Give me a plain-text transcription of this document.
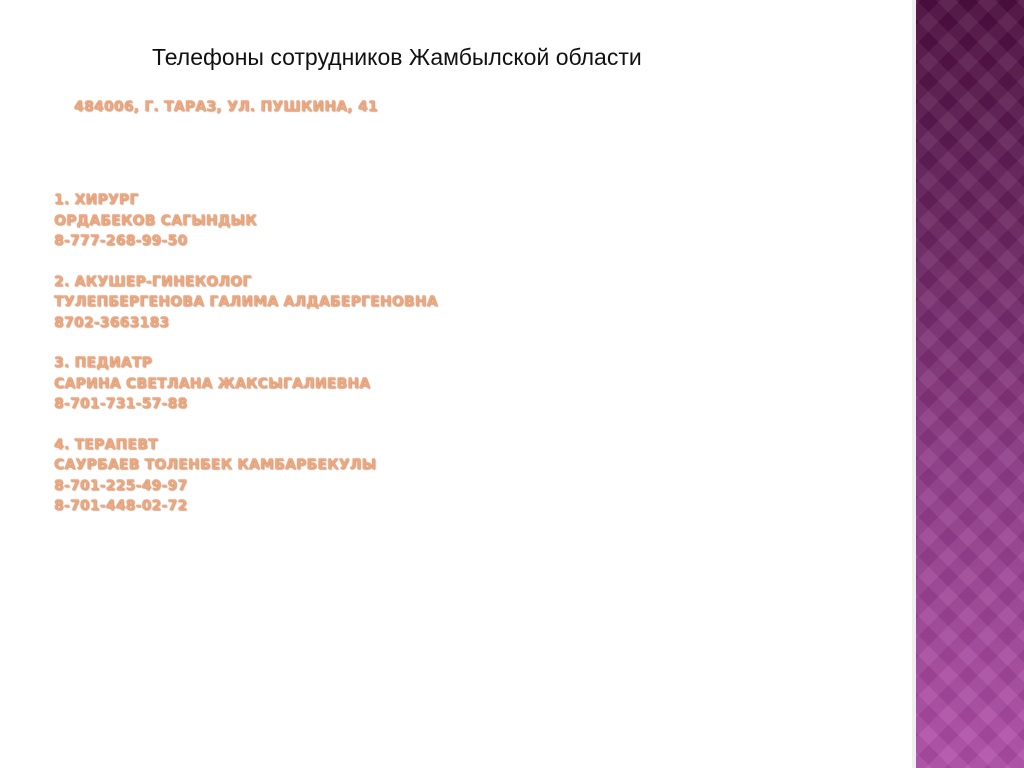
Телефоны сотрудников Жамбылской области
484006, Г. ТАРАЗ, УЛ. ПУШКИНА, 41
1. ХИРУРГ
ОРДАБЕКОВ САГЫНДЫК
8-777-268-99-50
2. АКУШЕР-ГИНЕКОЛОГ
ТУЛЕПБЕРГЕНОВА ГАЛИМА АЛДАБЕРГЕНОВНА
8702-3663183
3. ПЕДИАТР
САРИНА СВЕТЛАНА ЖАКСЫГАЛИЕВНА
8-701-731-57-88
4. ТЕРАПЕВТ
САУРБАЕВ ТОЛЕНБЕК КАМБАРБЕКУЛЫ
8-701-225-49-97
8-701-448-02-72
